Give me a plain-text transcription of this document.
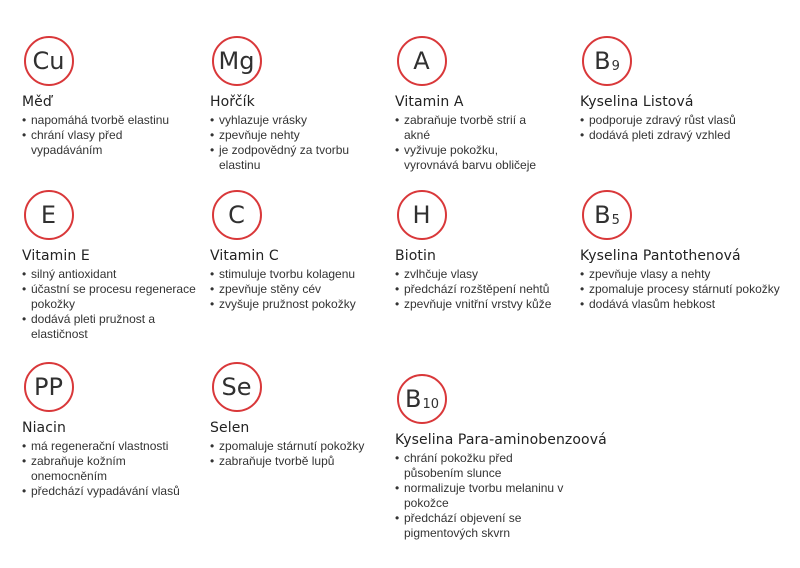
Cu
Měď
• napomáhá tvorbě elastinu
• chrání vlasy před vypadáváním
Mg
Hořčík
• vyhlazuje vrásky
• zpevňuje nehty
• je zodpovědný za tvorbu elastinu
A
Vitamin A
• zabraňuje tvorbě strií a akné
• vyživuje pokožku, vyrovnává barvu obličeje
B 9
Kyselina Listová
• podporuje zdravý růst vlasů
• dodává pleti zdravý vzhled
E
Vitamin E
• silný antioxidant
• účastní se procesu regenerace pokožky
• dodává pleti pružnost a elastičnost
C
Vitamin C
• stimuluje tvorbu kolagenu
• zpevňuje stěny cév
• zvyšuje pružnost pokožky
H
Biotin
• zvlhčuje vlasy
• předchází rozštěpení nehtů
• zpevňuje vnitřní vrstvy kůže
B 5
Kyselina Pantothenová
• zpevňuje vlasy a nehty
• zpomaluje procesy stárnutí pokožky
• dodává vlasům hebkost
PP
Niacin
• má regenerační vlastnosti
• zabraňuje kožním onemocněním
• předchází vypadávání vlasů
Se
Selen
• zpomaluje stárnutí pokožky
• zabraňuje tvorbě lupů
B 10
Kyselina Para-aminobenzoová
• chrání pokožku před působením slunce
• normalizuje tvorbu melaninu v pokožce
• předchází objevení se pigmentových skvrn
